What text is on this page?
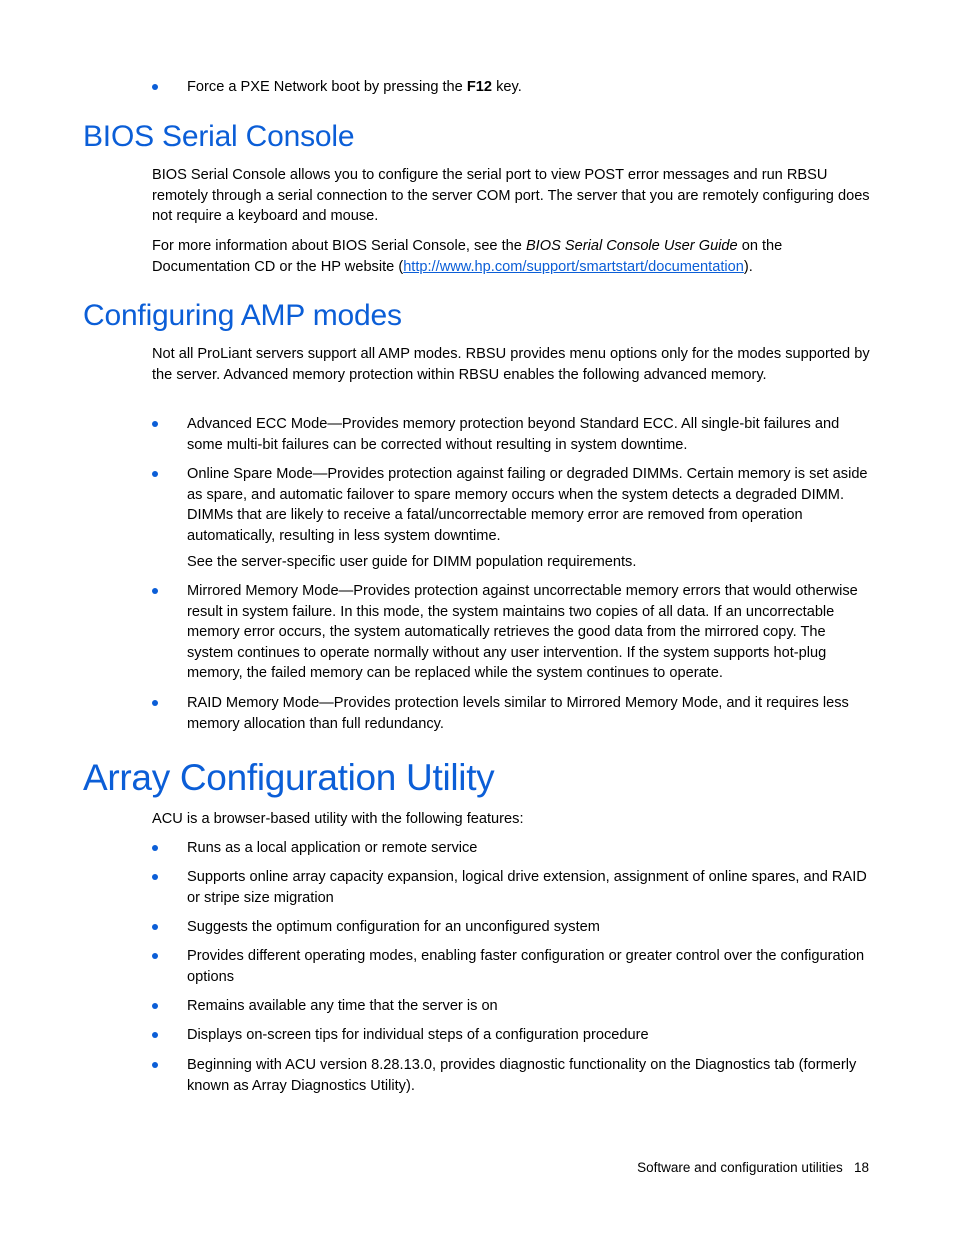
Force a PXE Network boot by pressing the F12 key.
BIOS Serial Console

BIOS Serial Console allows you to configure the serial port to view POST error messages and run RBSU remotely through a serial connection to the server COM port. The server that you are remotely configuring does not require a keyboard and mouse.

For more information about BIOS Serial Console, see the BIOS Serial Console User Guide on the Documentation CD or the HP website (http://www.hp.com/support/smartstart/documentation).

Configuring AMP modes

Not all ProLiant servers support all AMP modes. RBSU provides menu options only for the modes supported by the server. Advanced memory protection within RBSU enables the following advanced memory.

Advanced ECC Mode—Provides memory protection beyond Standard ECC. All single-bit failures and some multi-bit failures can be corrected without resulting in system downtime.
Online Spare Mode—Provides protection against failing or degraded DIMMs. Certain memory is set aside as spare, and automatic failover to spare memory occurs when the system detects a degraded DIMM. DIMMs that are likely to receive a fatal/uncorrectable memory error are removed from operation automatically, resulting in less system downtime.

See the server-specific user guide for DIMM population requirements.

Mirrored Memory Mode—Provides protection against uncorrectable memory errors that would otherwise result in system failure. In this mode, the system maintains two copies of all data. If an uncorrectable memory error occurs, the system automatically retrieves the good data from the mirrored copy. The system continues to operate normally without any user intervention. If the system supports hot-plug memory, the failed memory can be replaced while the system continues to operate.
RAID Memory Mode—Provides protection levels similar to Mirrored Memory Mode, and it requires less memory allocation than full redundancy.
Array Configuration Utility

ACU is a browser-based utility with the following features:

Runs as a local application or remote service
Supports online array capacity expansion, logical drive extension, assignment of online spares, and RAID or stripe size migration
Suggests the optimum configuration for an unconfigured system
Provides different operating modes, enabling faster configuration or greater control over the configuration options
Remains available any time that the server is on
Displays on-screen tips for individual steps of a configuration procedure
Beginning with ACU version 8.28.13.0, provides diagnostic functionality on the Diagnostics tab (formerly known as Array Diagnostics Utility).
Software and configuration utilities 18
